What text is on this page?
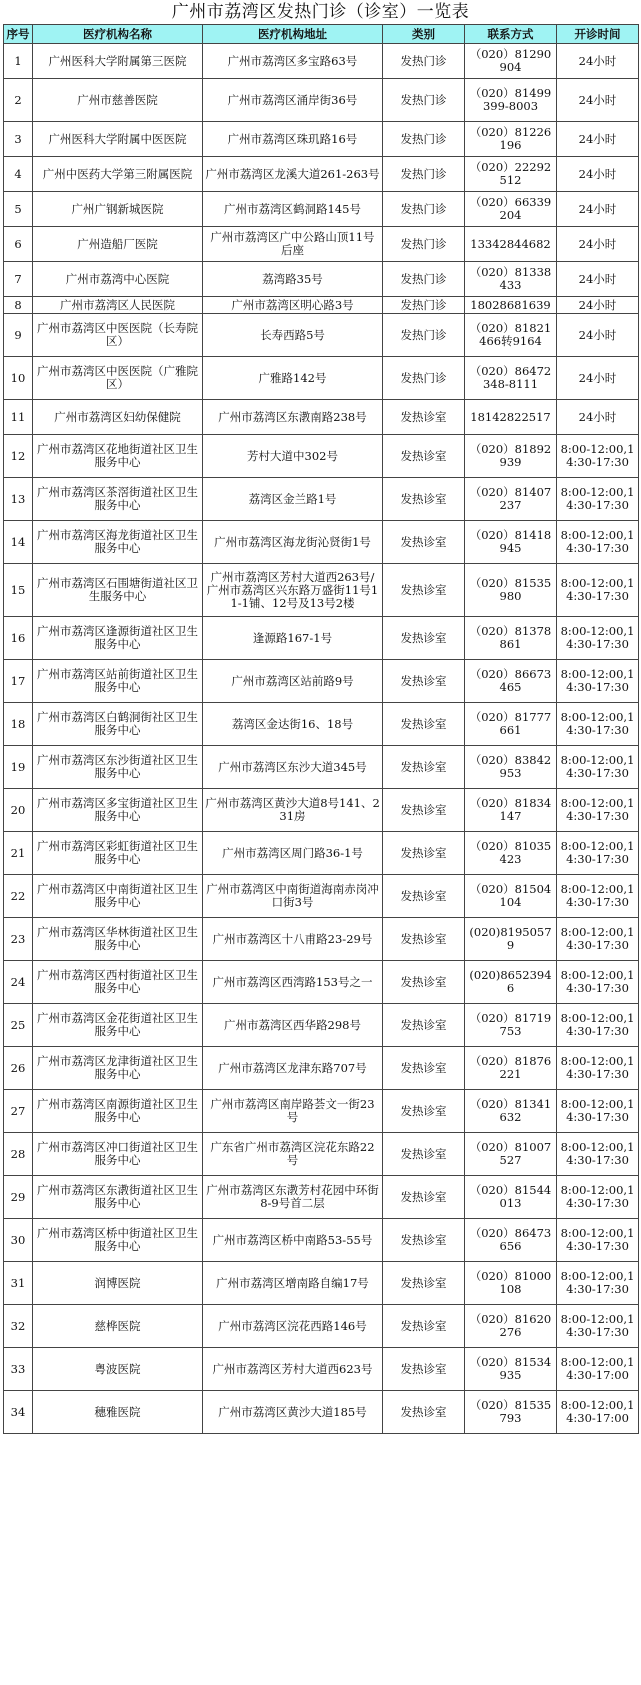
广州市荔湾区发热门诊（诊室）一览表
序号	医疗机构名称	医疗机构地址	类别	联系方式	开诊时间
1	广州医科大学附属第三医院	广州市荔湾区多宝路63号	发热门诊	（020）81290904	24小时
2	广州市慈善医院	广州市荔湾区涌岸街36号	发热门诊	（020）81499399-8003	24小时
3	广州医科大学附属中医医院	广州市荔湾区珠玑路16号	发热门诊	（020）81226196	24小时
4	广州中医药大学第三附属医院	广州市荔湾区龙溪大道261-263号	发热门诊	（020）22292512	24小时
5	广州广钢新城医院	广州市荔湾区鹤洞路145号	发热门诊	（020）66339204	24小时
6	广州造船厂医院	广州市荔湾区广中公路山顶11号后座	发热门诊	13342844682	24小时
7	广州市荔湾中心医院	荔湾路35号	发热门诊	（020）81338433	24小时
8	广州市荔湾区人民医院	广州市荔湾区明心路3号	发热门诊	18028681639	24小时
9	广州市荔湾区中医医院（长寿院区）	长寿西路5号	发热门诊	（020）81821466转9164	24小时
10	广州市荔湾区中医医院（广雅院区）	广雅路142号	发热门诊	（020）86472348-8111	24小时
11	广州市荔湾区妇幼保健院	广州市荔湾区东漖南路238号	发热诊室	18142822517	24小时
12	广州市荔湾区花地街道社区卫生服务中心	芳村大道中302号	发热诊室	（020）81892939	8:00-12:00,14:30-17:30
13	广州市荔湾区茶滘街道社区卫生服务中心	荔湾区金兰路1号	发热诊室	（020）81407237	8:00-12:00,14:30-17:30
14	广州市荔湾区海龙街道社区卫生服务中心	广州市荔湾区海龙街沁贤街1号	发热诊室	（020）81418945	8:00-12:00,14:30-17:30
15	广州市荔湾区石围塘街道社区卫生服务中心	广州市荔湾区芳村大道西263号/广州市荔湾区兴东路万盛街11号11-1铺、12号及13号2楼	发热诊室	（020）81535980	8:00-12:00,14:30-17:30
16	广州市荔湾区逢源街道社区卫生服务中心	逢源路167-1号	发热诊室	（020）81378861	8:00-12:00,14:30-17:30
17	广州市荔湾区站前街道社区卫生服务中心	广州市荔湾区站前路9号	发热诊室	（020）86673465	8:00-12:00,14:30-17:30
18	广州市荔湾区白鹤洞街社区卫生服务中心	荔湾区金达街16、18号	发热诊室	（020）81777661	8:00-12:00,14:30-17:30
19	广州市荔湾区东沙街道社区卫生服务中心	广州市荔湾区东沙大道345号	发热诊室	（020）83842953	8:00-12:00,14:30-17:30
20	广州市荔湾区多宝街道社区卫生服务中心	广州市荔湾区黄沙大道8号141、231房	发热诊室	（020）81834147	8:00-12:00,14:30-17:30
21	广州市荔湾区彩虹街道社区卫生服务中心	广州市荔湾区周门路36-1号	发热诊室	（020）81035423	8:00-12:00,14:30-17:30
22	广州市荔湾区中南街道社区卫生服务中心	广州市荔湾区中南街道海南赤岗冲口街3号	发热诊室	（020）81504104	8:00-12:00,14:30-17:30
23	广州市荔湾区华林街道社区卫生服务中心	广州市荔湾区十八甫路23-29号	发热诊室	(020)81950579	8:00-12:00,14:30-17:30
24	广州市荔湾区西村街道社区卫生服务中心	广州市荔湾区西湾路153号之一	发热诊室	(020)86523946	8:00-12:00,14:30-17:30
25	广州市荔湾区金花街道社区卫生服务中心	广州市荔湾区西华路298号	发热诊室	（020）81719753	8:00-12:00,14:30-17:30
26	广州市荔湾区龙津街道社区卫生服务中心	广州市荔湾区龙津东路707号	发热诊室	（020）81876221	8:00-12:00,14:30-17:30
27	广州市荔湾区南源街道社区卫生服务中心	广州市荔湾区南岸路荟文一街23号	发热诊室	（020）81341632	8:00-12:00,14:30-17:30
28	广州市荔湾区冲口街道社区卫生服务中心	广东省广州市荔湾区浣花东路22号	发热诊室	（020）81007527	8:00-12:00,14:30-17:30
29	广州市荔湾区东漖街道社区卫生服务中心	广州市荔湾区东漖芳村花园中环街8-9号首二层	发热诊室	（020）81544013	8:00-12:00,14:30-17:30
30	广州市荔湾区桥中街道社区卫生服务中心	广州市荔湾区桥中南路53-55号	发热诊室	（020）86473656	8:00-12:00,14:30-17:30
31	润博医院	广州市荔湾区增南路自编17号	发热诊室	（020）81000108	8:00-12:00,14:30-17:30
32	慈桦医院	广州市荔湾区浣花西路146号	发热诊室	（020）81620276	8:00-12:00,14:30-17:30
33	粤波医院	广州市荔湾区芳村大道西623号	发热诊室	（020）81534935	8:00-12:00,14:30-17:00
34	穗雅医院	广州市荔湾区黄沙大道185号	发热诊室	（020）81535793	8:00-12:00,14:30-17:00
